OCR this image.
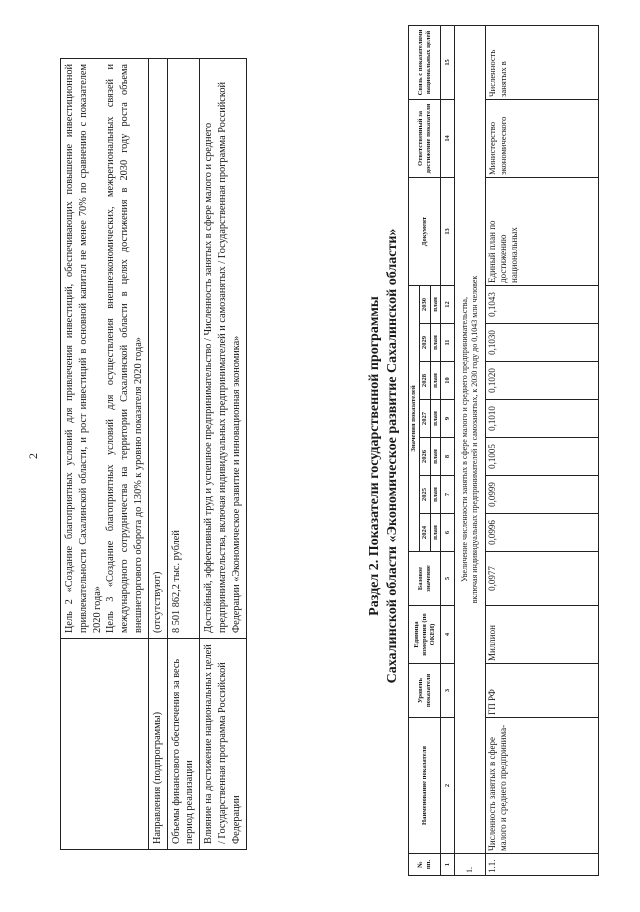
2

	Цель 2 «Создание благоприятных условий для привлечения инвестиций, обеспечивающих повышение инвестиционной привлекательности Сахалинской области, и рост инвестиций в основной капитал не менее 70% по сравнению с показателем 2020 года» Цель 3 «Создание благоприятных условий для осуществления внешнеэкономических, межрегиональных связей и международного сотрудничества на территории Сахалинской области в целях достижения в 2030 году роста объема внешнеторгового оборота до 130% к уровню показателя 2020 года»

Направления (подпрограммы)	(отсутствуют)
Объемы финансового обеспечения за весь период реализации	8 501 862,2 тыс. рублей
Влияние на достижение национальных целей / Государственная программа Российской Федерации	Достойный, эффективный труд и успешное предпринимательство / Численность занятых в сфере малого и среднего предпринимательства, включая индивидуальных предпринимателей и самозанятых / Государственная программа Российской Федерации «Экономическое развитие и инновационная экономика»	Раздел 2. Показатели государственной программы Сахалинской области «Экономическое развитие Сахалинской области»
№ пп.	Наименование показателя	Уровень показателя	Единица измерения (по ОКЕИ)	Базовое значение	Значения показателей							Документ	Ответственный за достижение показателя	Связь с показателями национальных целей
					2024	2025	2026	2027	2028	2029	2030			
					план	план	план	план	план	план	план			
1	2	3	4	5	6	7	8	9	10	11	12	13	14	15
1.	Увеличение численности занятых в сфере малого и среднего предпринимательства, включая индивидуальных предпринимателей и самозанятых, к 2030 году до 0,1043 млн человек													

1.1.	Численность занятых в сфере малого и среднего предпринима-	ГП РФ	Миллион	0,0977	0,0996	0,0999	0,1005	0,1010	0,1020	0,1030	0,1043	Единый план по достижению национальных	Министерство экономического	Численность занятых в
